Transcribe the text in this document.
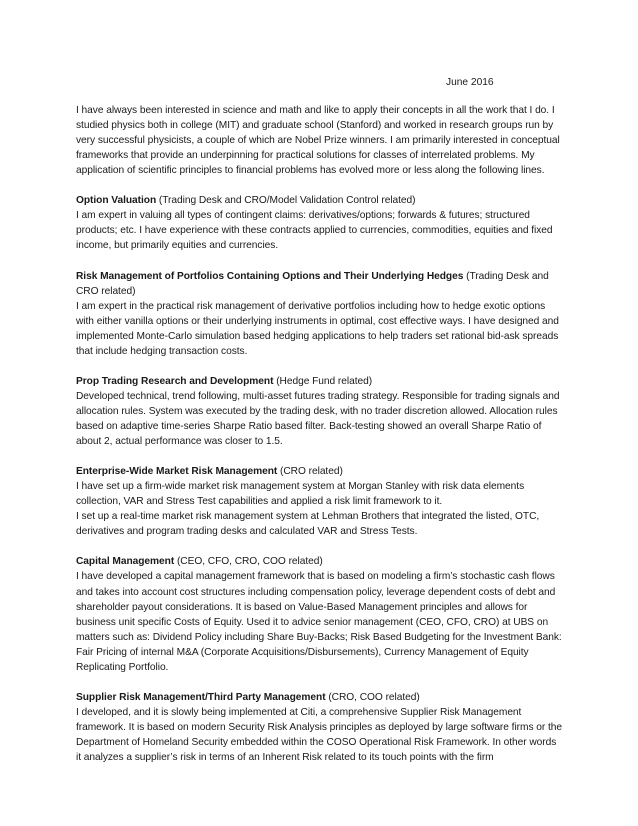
June 2016

I have always been interested in science and math and like to apply their concepts in all the work that I do. I studied physics both in college (MIT) and graduate school (Stanford) and worked in research groups run by very successful physicists, a couple of which are Nobel Prize winners. I am primarily interested in conceptual frameworks that provide an underpinning for practical solutions for classes of interrelated problems. My application of scientific principles to financial problems has evolved more or less along the following lines.

Option Valuation (Trading Desk and CRO/Model Validation Control related)

I am expert in valuing all types of contingent claims: derivatives/options; forwards & futures; structured products; etc. I have experience with these contracts applied to currencies, commodities, equities and fixed income, but primarily equities and currencies.

Risk Management of Portfolios Containing Options and Their Underlying Hedges (Trading Desk and CRO related)

I am expert in the practical risk management of derivative portfolios including how to hedge exotic options with either vanilla options or their underlying instruments in optimal, cost effective ways. I have designed and implemented Monte-Carlo simulation based hedging applications to help traders set rational bid-ask spreads that include hedging transaction costs.

Prop Trading Research and Development (Hedge Fund related)

Developed technical, trend following, multi-asset futures trading strategy. Responsible for trading signals and allocation rules. System was executed by the trading desk, with no trader discretion allowed. Allocation rules based on adaptive time-series Sharpe Ratio based filter. Back-testing showed an overall Sharpe Ratio of about 2, actual performance was closer to 1.5.

Enterprise-Wide Market Risk Management (CRO related)

I have set up a firm-wide market risk management system at Morgan Stanley with risk data elements collection, VAR and Stress Test capabilities and applied a risk limit framework to it.

I set up a real-time market risk management system at Lehman Brothers that integrated the listed, OTC, derivatives and program trading desks and calculated VAR and Stress Tests.

Capital Management (CEO, CFO, CRO, COO related)

I have developed a capital management framework that is based on modeling a firm’s stochastic cash flows and takes into account cost structures including compensation policy, leverage dependent costs of debt and shareholder payout considerations. It is based on Value-Based Management principles and allows for business unit specific Costs of Equity. Used it to advice senior management (CEO, CFO, CRO) at UBS on matters such as: Dividend Policy including Share Buy-Backs; Risk Based Budgeting for the Investment Bank: Fair Pricing of internal M&A (Corporate Acquisitions/Disbursements), Currency Management of Equity Replicating Portfolio.

Supplier Risk Management/Third Party Management (CRO, COO related)

I developed, and it is slowly being implemented at Citi, a comprehensive Supplier Risk Management framework. It is based on modern Security Risk Analysis principles as deployed by large software firms or the Department of Homeland Security embedded within the COSO Operational Risk Framework. In other words it analyzes a supplier’s risk in terms of an Inherent Risk related to its touch points with the firm
